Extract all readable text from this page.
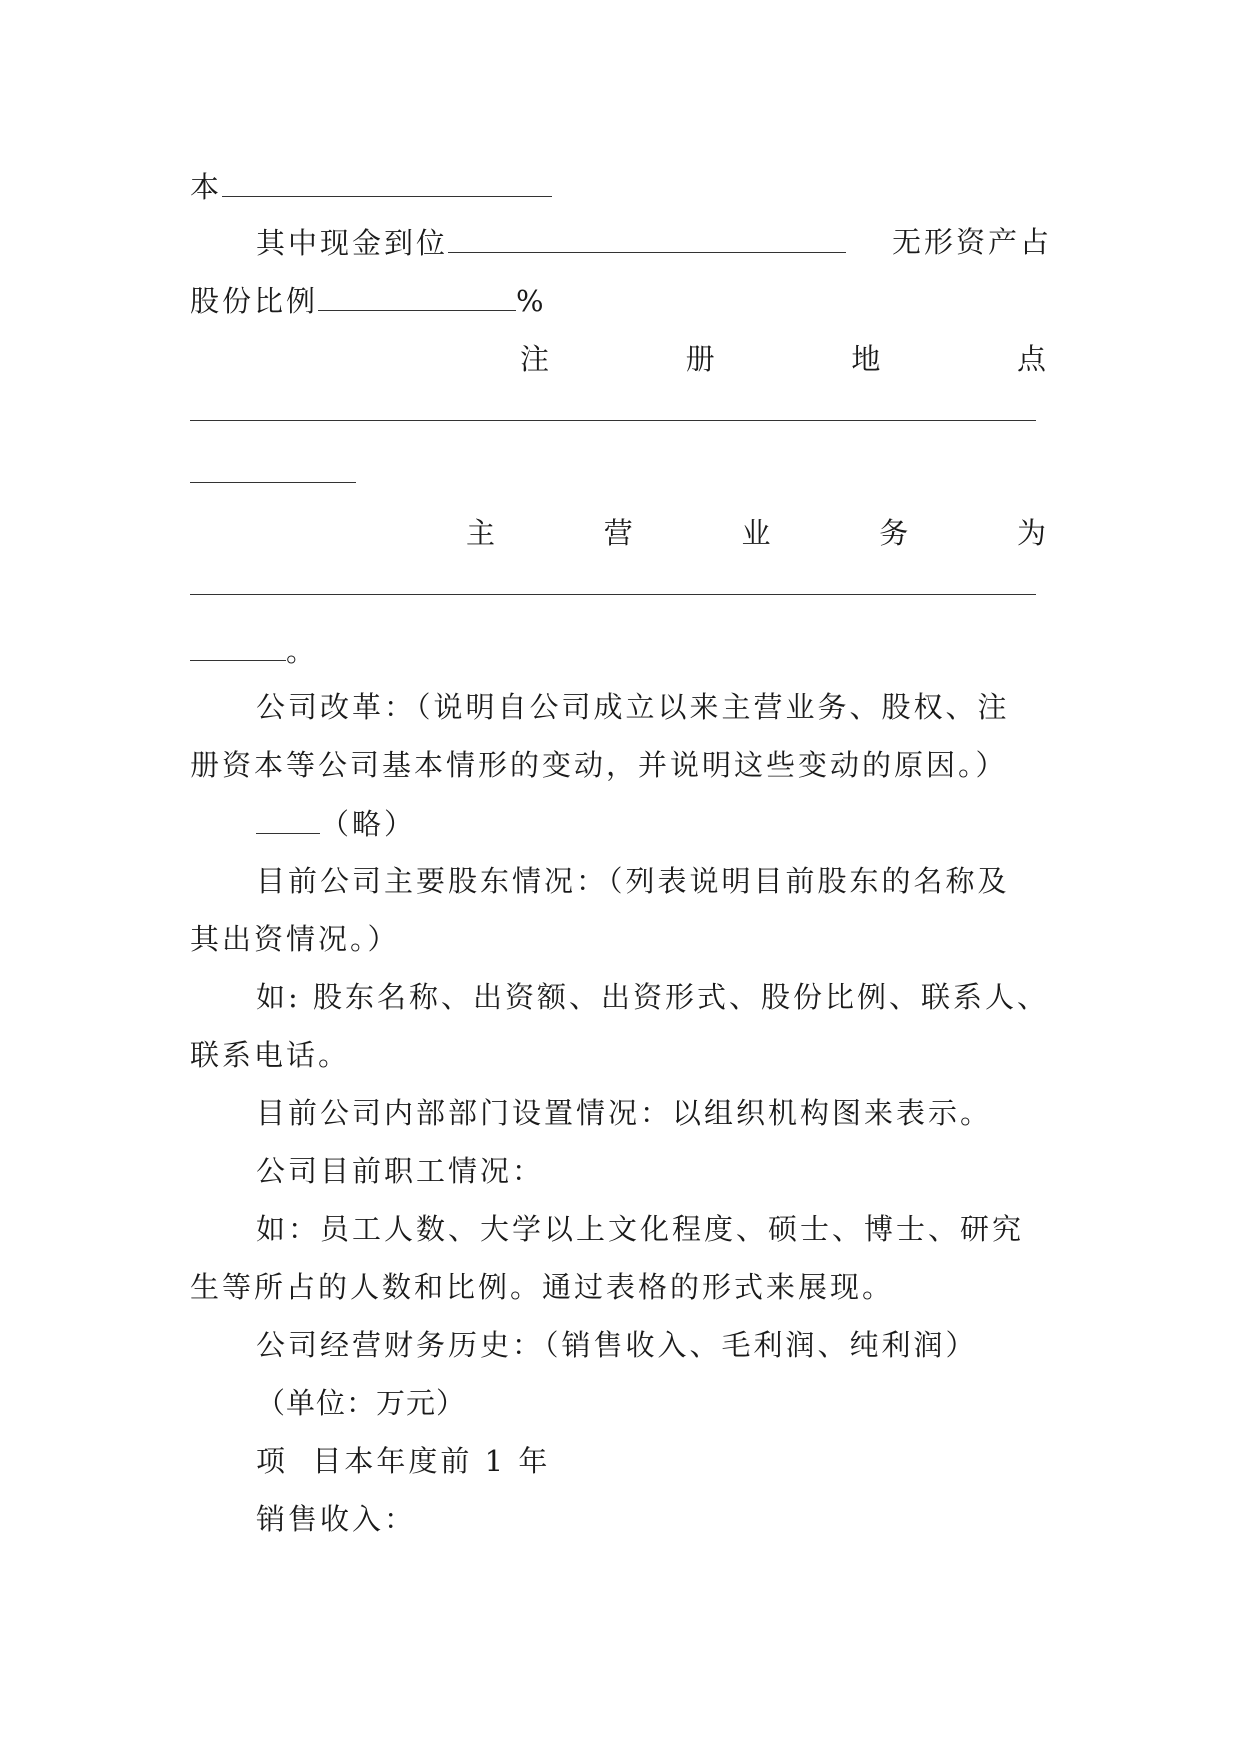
本
其中现金到位	无形资产占
股份比例	%
注	册	地	点
主	营	业	务	为
。
公司改革：（说明自公司成立以来主营业务、股权、注
册资本等公司基本情形的变动，并说明这些变动的原因。）
（略）
目前公司主要股东情况：（列表说明目前股东的名称及
其出资情况。）
如: 股东名称、出资额、出资形式、股份比例、联系人、
联系电话。
目前公司内部部门设置情况：以组织机构图来表示。
公司目前职工情况：
如：员工人数、大学以上文化程度、硕士、博士、研究
生等所占的人数和比例。通过表格的形式来展现。
公司经营财务历史：（销售收入、毛利润、纯利润）
（单位：万元）
项  目本年度前 1 年
销售收入：
